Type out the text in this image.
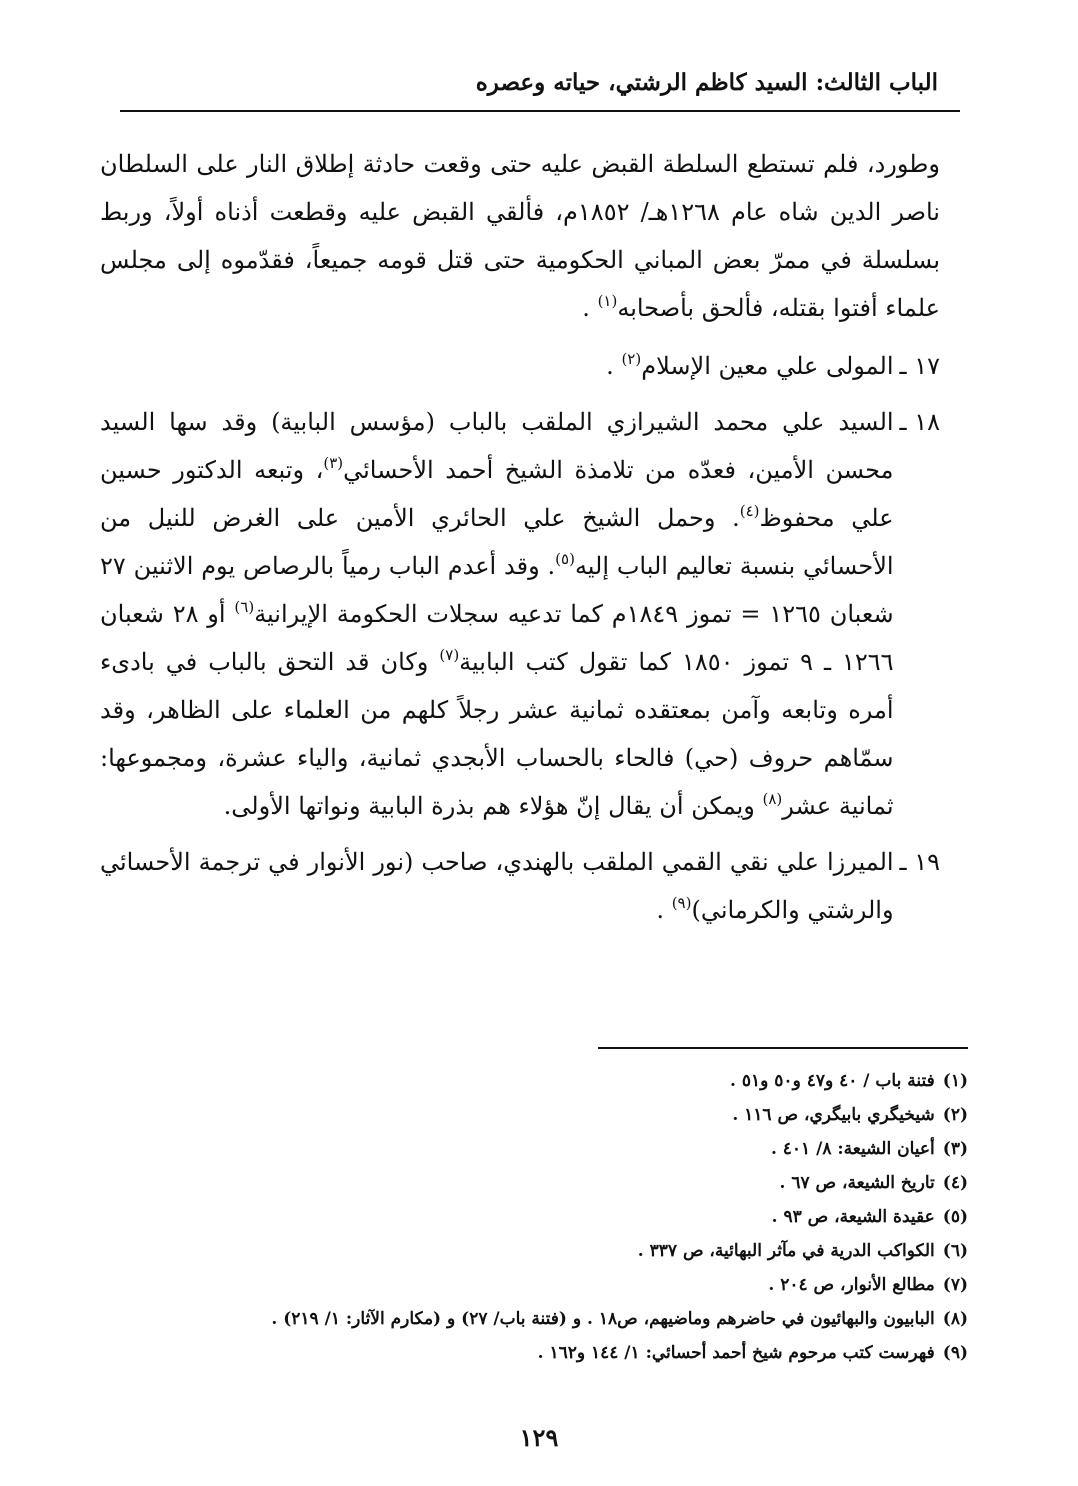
الباب الثالث: السيد كاظم الرشتي، حياته وعصره

وطورد، فلم تستطع السلطة القبض عليه حتى وقعت حادثة إطلاق النار على السلطان ناصر الدين شاه عام ١٢٦٨هـ/ ١٨٥٢م، فألقي القبض عليه وقطعت أذناه أولاً، وربط بسلسلة في ممرّ بعض المباني الحكومية حتى قتل قومه جميعاً، فقدّموه إلى مجلس علماء أفتوا بقتله، فألحق بأصحابه$^{(١)}$ .

١٧ ـ
المولى علي معين الإسلام$^{(٢)}$ .
١٨ ـ
السيد علي محمد الشيرازي الملقب بالباب (مؤسس البابية) وقد سها السيد محسن الأمين، فعدّه من تلامذة الشيخ أحمد الأحسائي$^{(٣)}$، وتبعه الدكتور حسين علي محفوظ$^{(٤)}$. وحمل الشيخ علي الحائري الأمين على الغرض للنيل من الأحسائي بنسبة تعاليم الباب إليه$^{(٥)}$. وقد أعدم الباب رمياً بالرصاص يوم الاثنين ٢٧ شعبان ١٢٦٥ = تموز ١٨٤٩م كما تدعيه سجلات الحكومة الإيرانية$^{(٦)}$ أو ٢٨ شعبان ١٢٦٦ ـ ٩ تموز ١٨٥٠ كما تقول كتب البابية$^{(٧)}$ وكان قد التحق بالباب في بادىء أمره وتابعه وآمن بمعتقده ثمانية عشر رجلاً كلهم من العلماء على الظاهر، وقد سمّاهم حروف (حي) فالحاء بالحساب الأبجدي ثمانية، والياء عشرة، ومجموعها: ثمانية عشر$^{(٨)}$ ويمكن أن يقال إنّ هؤلاء هم بذرة البابية ونواتها الأولى.
١٩ ـ
الميرزا علي نقي القمي الملقب بالهندي، صاحب (نور الأنوار في ترجمة الأحسائي والرشتي والكرماني)$^{(٩)}$ .
(١)
فتنة باب / ٤٠ و٤٧ و٥٠ و٥١ .
(٢)
شيخيگري بابيگري، ص ١١٦ .
(٣)
أعيان الشيعة: ٨/ ٤٠١ .
(٤)
تاريخ الشيعة، ص ٦٧ .
(٥)
عقيدة الشيعة، ص ٩٣ .
(٦)
الكواكب الدرية في مآثر البهائية، ص ٣٣٧ .
(٧)
مطالع الأنوار، ص ٢٠٤ .
(٨)
البابيون والبهائيون في حاضرهم وماضيهم، ص١٨ . و (فتنة باب/ ٢٧) و (مكارم الآثار: ١/ ٢١٩) .
(٩)
فهرست كتب مرحوم شيخ أحمد أحسائي: ١/ ١٤٤ و١٦٢ .
١٢٩
